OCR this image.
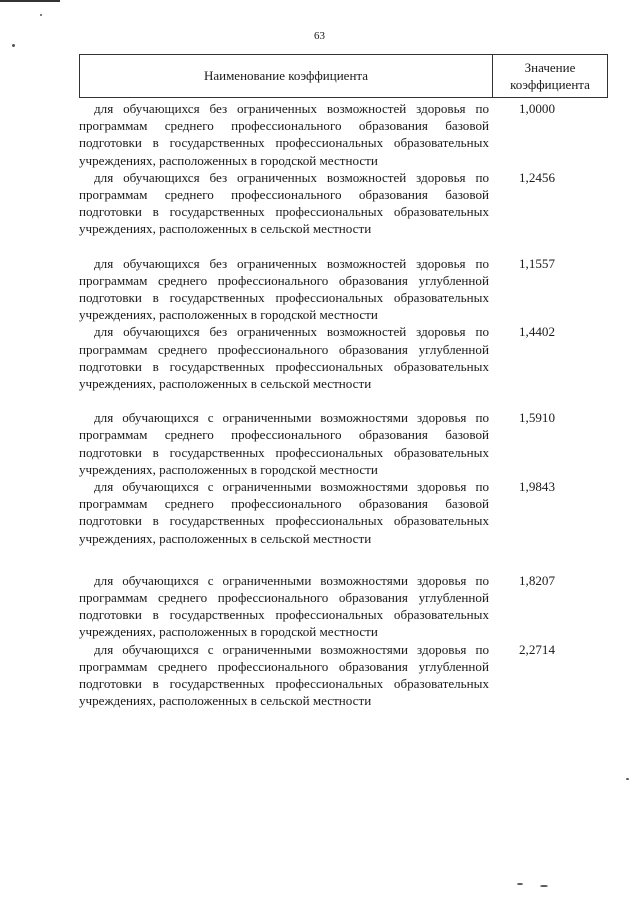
63
Наименование коэффициента
Значение
коэффициента
для обучающихся без ограниченных возможностей здоровья по программам среднего профессионального образования базовой подготовки в государственных профессиональных образовательных учреждениях, расположенных в городской местности
1,0000
для обучающихся без ограниченных возможностей здоровья по программам среднего профессионального образования базовой подготовки в государственных профессиональных образовательных учреждениях, расположенных в сельской местности
1,2456
для обучающихся без ограниченных возможностей здоровья по программам среднего профессионального образования углубленной подготовки в государственных профессиональных образовательных учреждениях, расположенных в городской местности
1,1557
для обучающихся без ограниченных возможностей здоровья по программам среднего профессионального образования углубленной подготовки в государственных профессиональных образовательных учреждениях, расположенных в сельской местности
1,4402
для обучающихся с ограниченными возможностями здоровья по программам среднего профессионального образования базовой подготовки в государственных профессиональных образовательных учреждениях, расположенных в городской местности
1,5910
для обучающихся с ограниченными возможностями здоровья по программам среднего профессионального образования базовой подготовки в государственных профессиональных образовательных учреждениях, расположенных в сельской местности
1,9843
для обучающихся с ограниченными возможностями здоровья по программам среднего профессионального образования углубленной подготовки в государственных профессиональных образовательных учреждениях, расположенных в городской местности
1,8207
для обучающихся с ограниченными возможностями здоровья по программам среднего профессионального образования углубленной подготовки в государственных профессиональных образовательных учреждениях, расположенных в сельской местности
2,2714
